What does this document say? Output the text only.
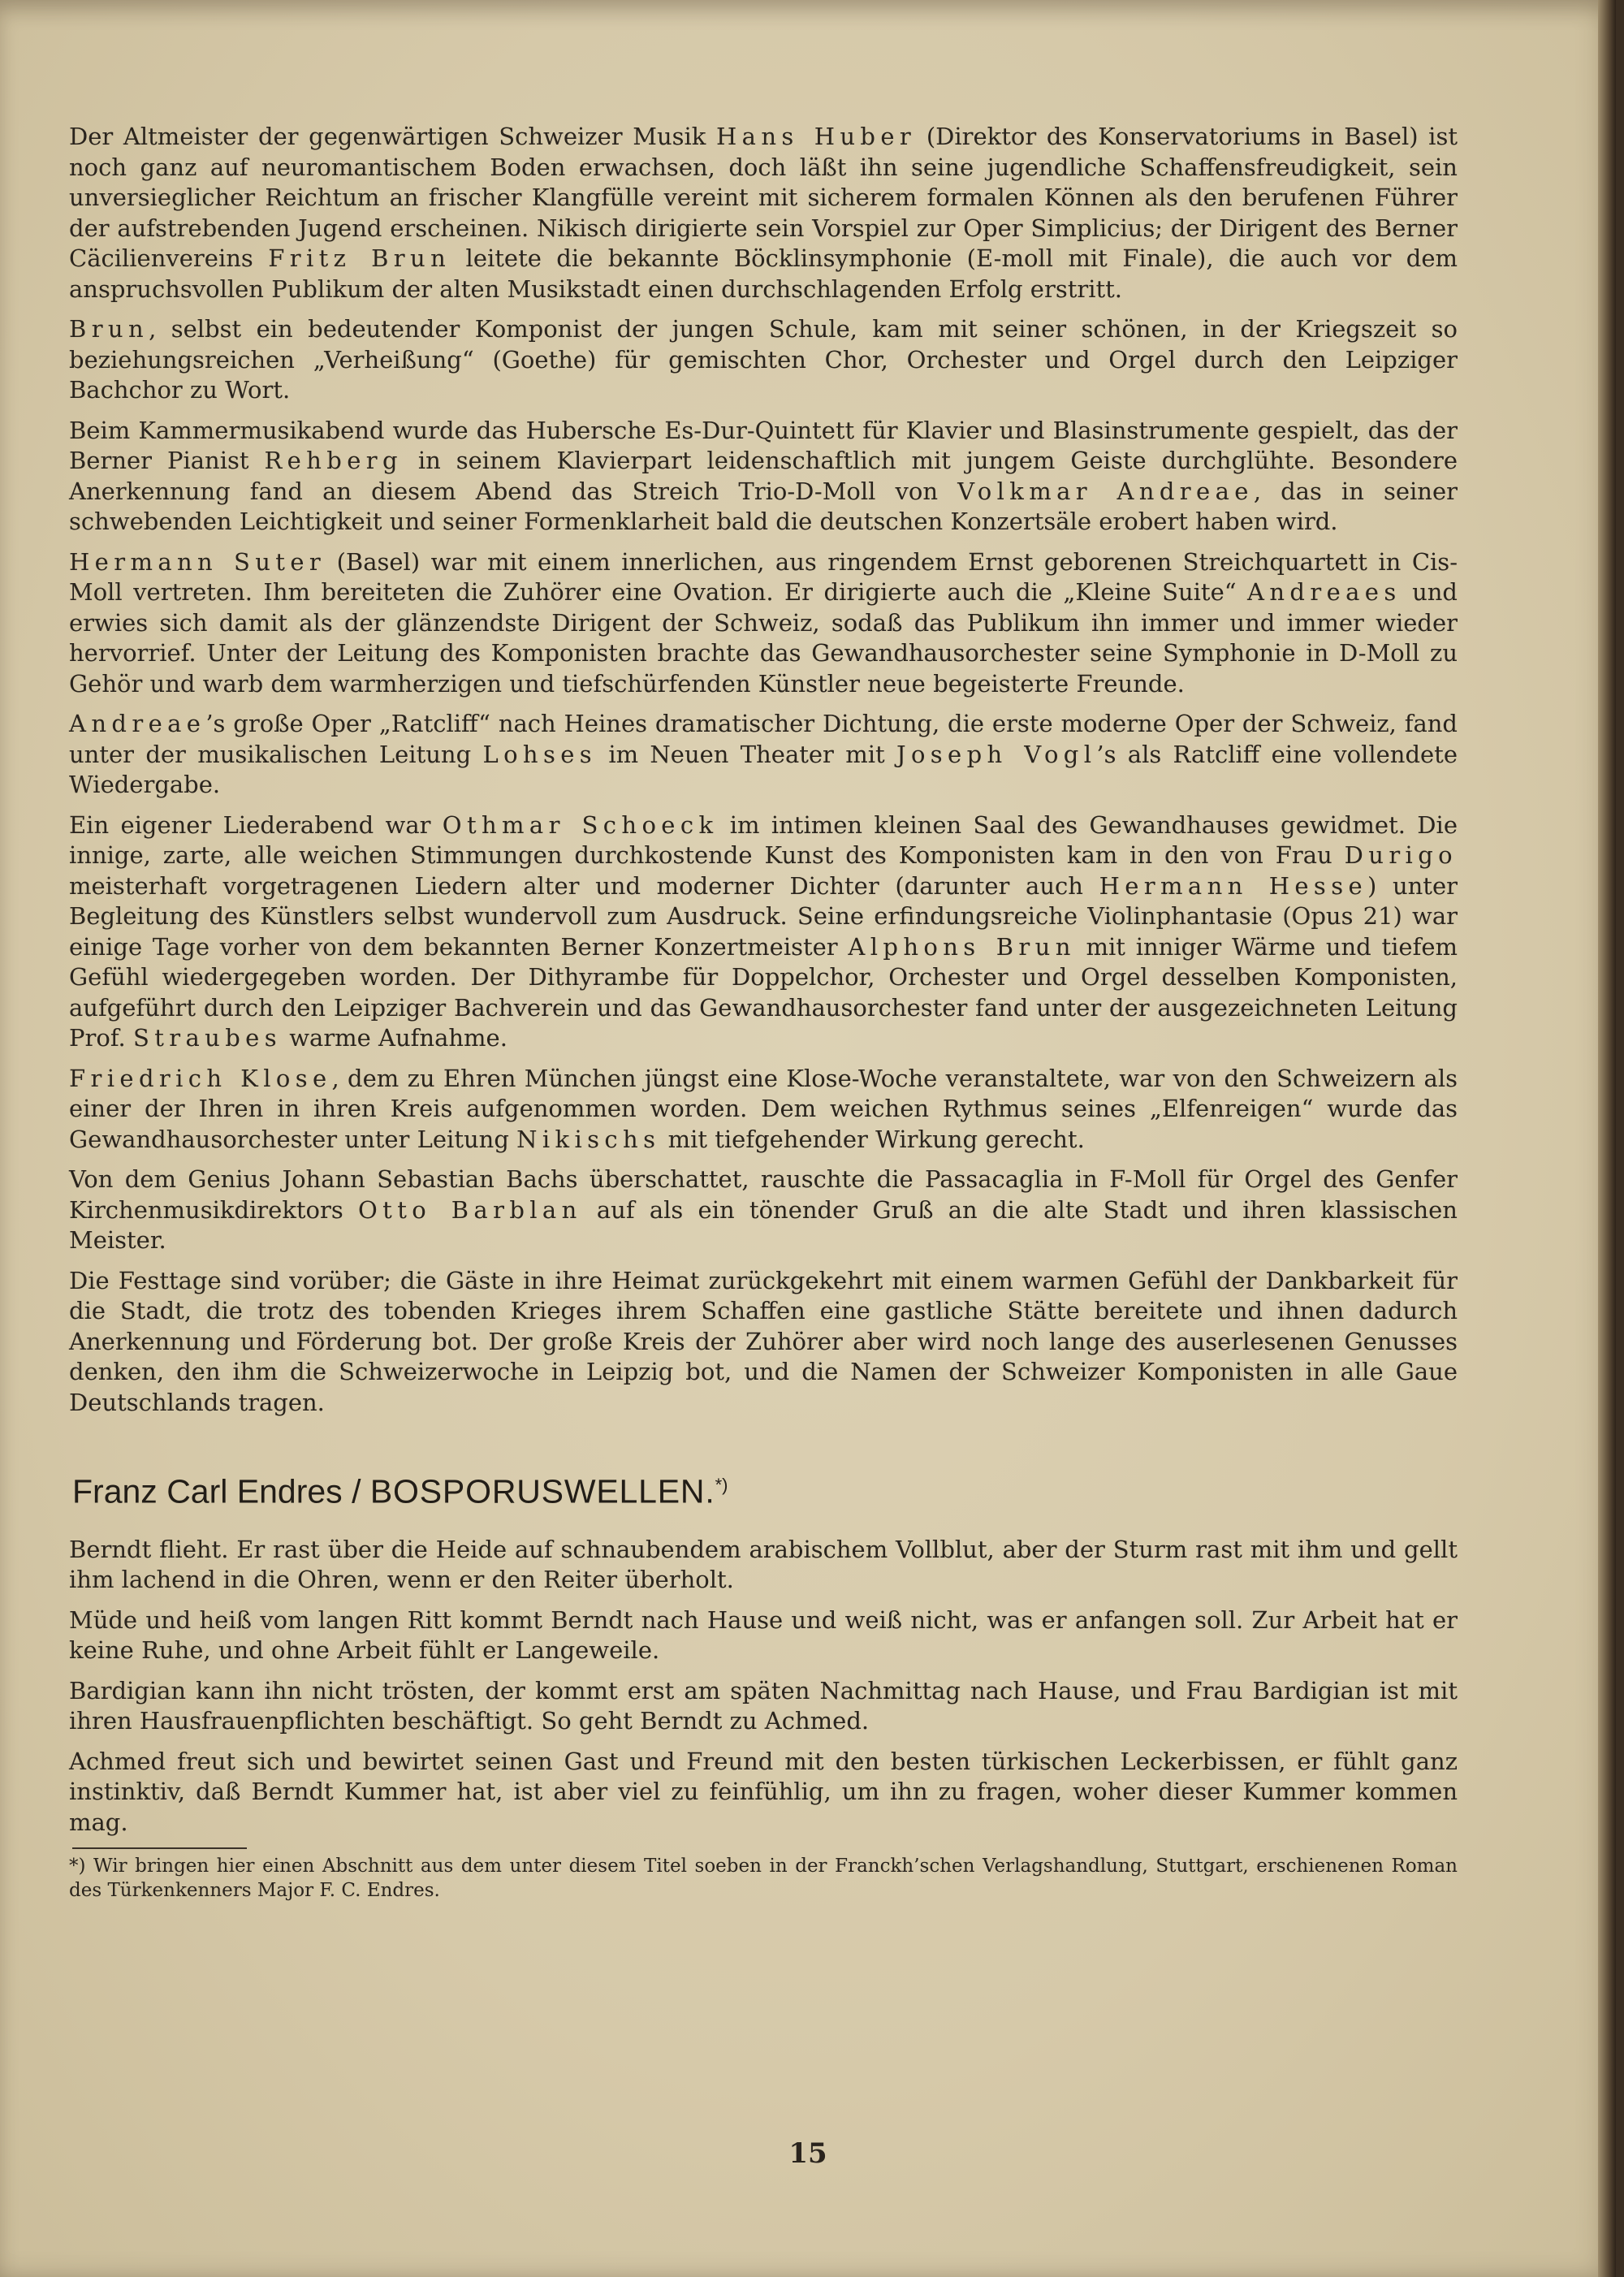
Der Altmeister der gegenwärtigen Schweizer Musik Hans Huber (Direktor des Konservatoriums in Basel) ist noch ganz auf neuromantischem Boden erwachsen, doch läßt ihn seine jugendliche Schaffensfreudigkeit, sein unversieglicher Reichtum an frischer Klangfülle vereint mit sicherem formalen Können als den berufenen Führer der aufstrebenden Jugend erscheinen. Nikisch dirigierte sein Vorspiel zur Oper Simplicius; der Dirigent des Berner Cäcilienvereins Fritz Brun leitete die bekannte Böcklinsymphonie (E-moll mit Finale), die auch vor dem anspruchsvollen Publikum der alten Musikstadt einen durchschlagenden Erfolg erstritt.

Brun, selbst ein bedeutender Komponist der jungen Schule, kam mit seiner schönen, in der Kriegszeit so beziehungsreichen „Verheißung“ (Goethe) für gemischten Chor, Orchester und Orgel durch den Leipziger Bachchor zu Wort.

Beim Kammermusikabend wurde das Hubersche Es-Dur-Quintett für Klavier und Blasinstrumente gespielt, das der Berner Pianist Rehberg in seinem Klavierpart leidenschaftlich mit jungem Geiste durchglühte. Besondere Anerkennung fand an diesem Abend das Streich Trio-D-Moll von Volkmar Andreae, das in seiner schwebenden Leichtigkeit und seiner Formenklarheit bald die deutschen Konzertsäle erobert haben wird.

Hermann Suter (Basel) war mit einem innerlichen, aus ringendem Ernst geborenen Streichquartett in Cis-Moll vertreten. Ihm bereiteten die Zuhörer eine Ovation. Er dirigierte auch die „Kleine Suite“ Andreaes und erwies sich damit als der glänzendste Dirigent der Schweiz, sodaß das Publikum ihn immer und immer wieder hervorrief. Unter der Leitung des Komponisten brachte das Gewandhausorchester seine Symphonie in D-Moll zu Gehör und warb dem warmherzigen und tiefschürfenden Künstler neue begeisterte Freunde.

Andreae’s große Oper „Ratcliff“ nach Heines dramatischer Dichtung, die erste moderne Oper der Schweiz, fand unter der musikalischen Leitung Lohses im Neuen Theater mit Joseph Vogl’s als Ratcliff eine vollendete Wiedergabe.

Ein eigener Liederabend war Othmar Schoeck im intimen kleinen Saal des Gewandhauses gewidmet. Die innige, zarte, alle weichen Stimmungen durchkostende Kunst des Komponisten kam in den von Frau Durigo meisterhaft vorgetragenen Liedern alter und moderner Dichter (darunter auch Hermann Hesse) unter Begleitung des Künstlers selbst wundervoll zum Ausdruck. Seine erfindungsreiche Violinphantasie (Opus 21) war einige Tage vorher von dem bekannten Berner Konzertmeister Alphons Brun mit inniger Wärme und tiefem Gefühl wiedergegeben worden. Der Dithyrambe für Doppelchor, Orchester und Orgel desselben Komponisten, aufgeführt durch den Leipziger Bachverein und das Gewandhausorchester fand unter der ausgezeichneten Leitung Prof. Straubes warme Aufnahme.

Friedrich Klose, dem zu Ehren München jüngst eine Klose-Woche veranstaltete, war von den Schweizern als einer der Ihren in ihren Kreis aufgenommen worden. Dem weichen Rythmus seines „Elfenreigen“ wurde das Gewandhausorchester unter Leitung Nikischs mit tiefgehender Wirkung gerecht.

Von dem Genius Johann Sebastian Bachs überschattet, rauschte die Passacaglia in F-Moll für Orgel des Genfer Kirchenmusikdirektors Otto Barblan auf als ein tönender Gruß an die alte Stadt und ihren klassischen Meister.

Die Festtage sind vorüber; die Gäste in ihre Heimat zurückgekehrt mit einem warmen Gefühl der Dankbarkeit für die Stadt, die trotz des tobenden Krieges ihrem Schaffen eine gastliche Stätte bereitete und ihnen dadurch Anerkennung und Förderung bot. Der große Kreis der Zuhörer aber wird noch lange des auserlesenen Genusses denken, den ihm die Schweizerwoche in Leipzig bot, und die Namen der Schweizer Komponisten in alle Gaue Deutschlands tragen.

Franz Carl Endres / BOSPORUSWELLEN.*)

Berndt flieht. Er rast über die Heide auf schnaubendem arabischem Vollblut, aber der Sturm rast mit ihm und gellt ihm lachend in die Ohren, wenn er den Reiter überholt.

Müde und heiß vom langen Ritt kommt Berndt nach Hause und weiß nicht, was er anfangen soll. Zur Arbeit hat er keine Ruhe, und ohne Arbeit fühlt er Langeweile.

Bardigian kann ihn nicht trösten, der kommt erst am späten Nachmittag nach Hause, und Frau Bardigian ist mit ihren Hausfrauenpflichten beschäftigt. So geht Berndt zu Achmed.

Achmed freut sich und bewirtet seinen Gast und Freund mit den besten türkischen Leckerbissen, er fühlt ganz instinktiv, daß Berndt Kummer hat, ist aber viel zu feinfühlig, um ihn zu fragen, woher dieser Kummer kommen mag.

*) Wir bringen hier einen Abschnitt aus dem unter diesem Titel soeben in der Franckh’schen Verlagshandlung, Stuttgart, erschienenen Roman des Türkenkenners Major F. C. Endres.

15
